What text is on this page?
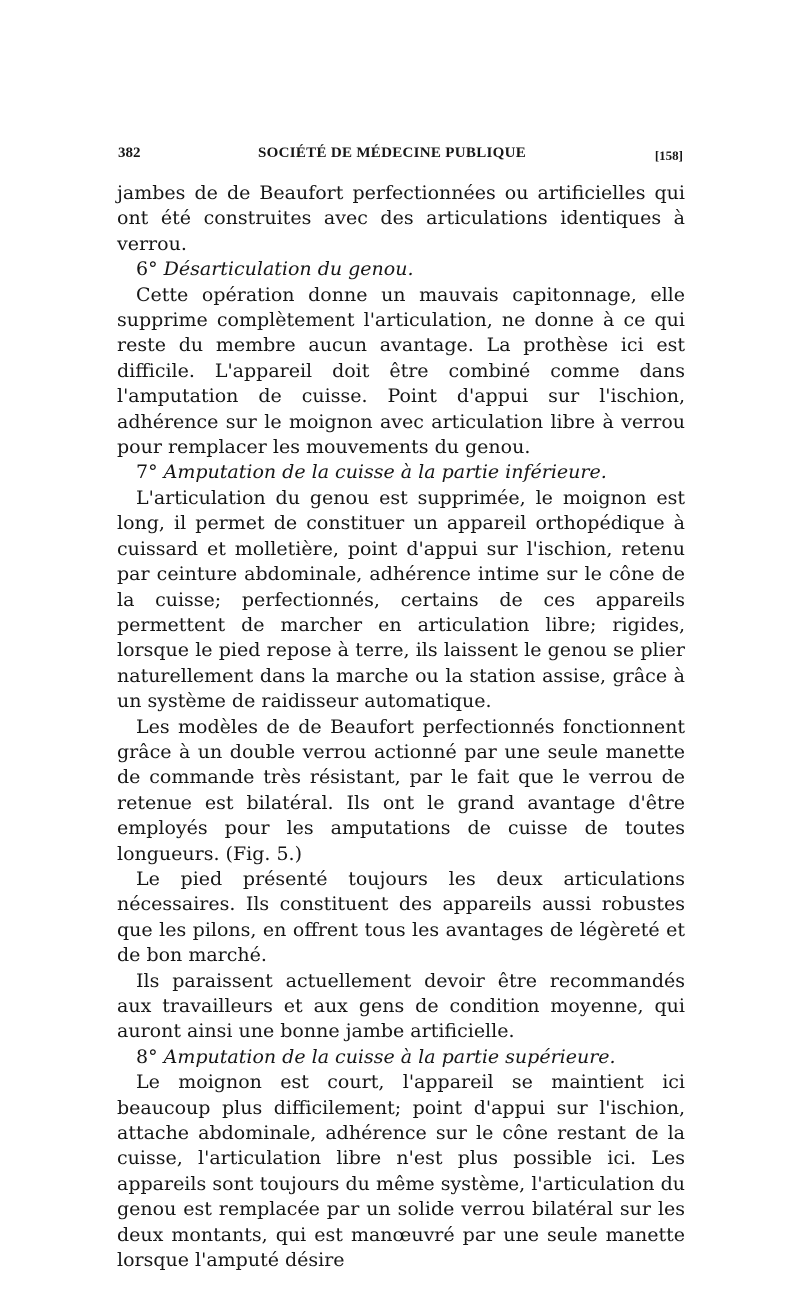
382	SOCIÉTÉ DE MÉDECINE PUBLIQUE	[158]

jambes de de Beaufort perfectionnées ou artificielles qui ont été construites avec des articulations identiques à verrou.

6° Désarticulation du genou.

Cette opération donne un mauvais capitonnage, elle supprime complètement l'articulation, ne donne à ce qui reste du membre aucun avantage. La prothèse ici est difficile. L'appareil doit être combiné comme dans l'amputation de cuisse. Point d'appui sur l'ischion, adhérence sur le moignon avec articulation libre à verrou pour remplacer les mouvements du genou.

7° Amputation de la cuisse à la partie inférieure.

L'articulation du genou est supprimée, le moignon est long, il permet de constituer un appareil orthopédique à cuissard et molletière, point d'appui sur l'ischion, retenu par ceinture abdominale, adhérence intime sur le cône de la cuisse; perfectionnés, certains de ces appareils permettent de marcher en articulation libre; rigides, lorsque le pied repose à terre, ils laissent le genou se plier naturellement dans la marche ou la station assise, grâce à un système de raidisseur automatique.

Les modèles de de Beaufort perfectionnés fonctionnent grâce à un double verrou actionné par une seule manette de commande très résistant, par le fait que le verrou de retenue est bilatéral. Ils ont le grand avantage d'être employés pour les amputations de cuisse de toutes longueurs. (Fig. 5.)

Le pied présenté toujours les deux articulations nécessaires. Ils constituent des appareils aussi robustes que les pilons, en offrent tous les avantages de légèreté et de bon marché.

Ils paraissent actuellement devoir être recommandés aux travailleurs et aux gens de condition moyenne, qui auront ainsi une bonne jambe artificielle.

8° Amputation de la cuisse à la partie supérieure.

Le moignon est court, l'appareil se maintient ici beaucoup plus difficilement; point d'appui sur l'ischion, attache abdominale, adhérence sur le cône restant de la cuisse, l'articulation libre n'est plus possible ici. Les appareils sont toujours du même système, l'articulation du genou est remplacée par un solide verrou bilatéral sur les deux montants, qui est manœuvré par une seule manette lorsque l'amputé désire
